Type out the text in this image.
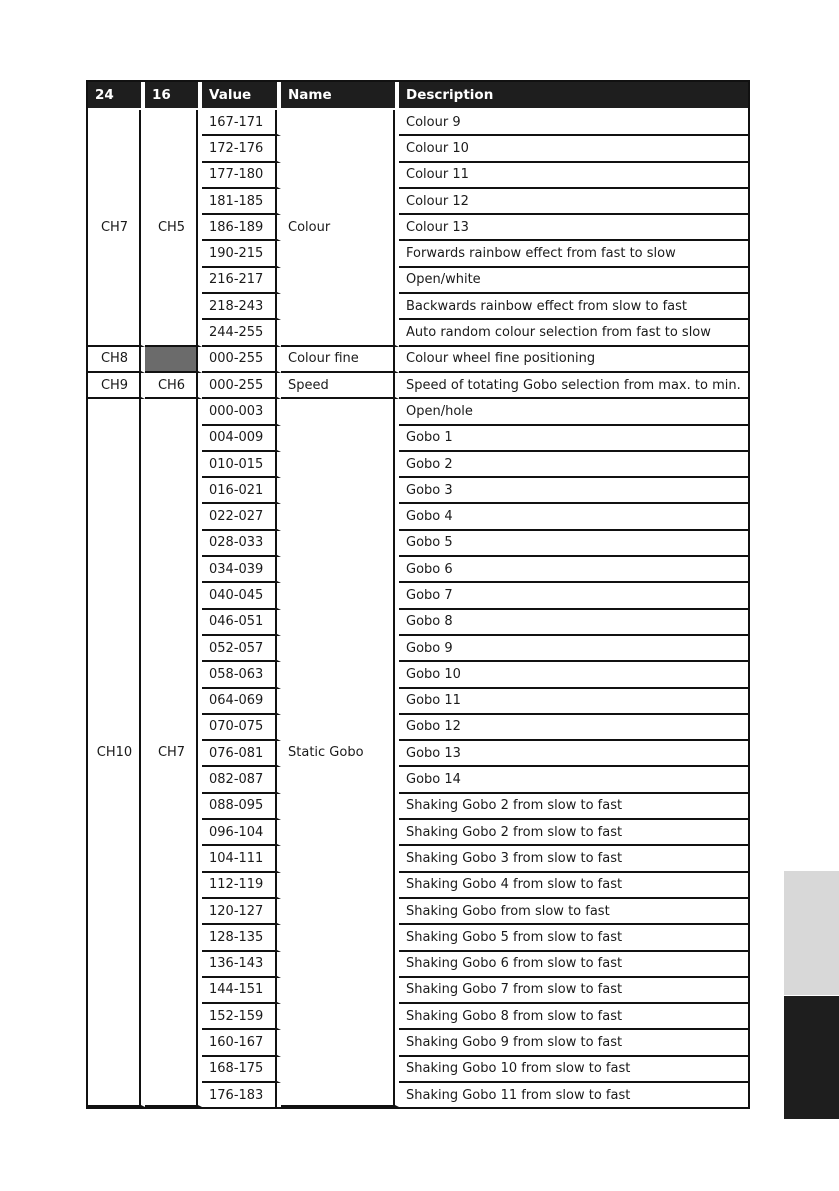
24	16	Value	Name	Description
CH7	CH5	167-171	Colour	Colour 9
		172-176		Colour 10
		177-180		Colour 11
		181-185		Colour 12
		186-189		Colour 13
		190-215		Forwards rainbow effect from fast to slow
		216-217		Open/white
		218-243		Backwards rainbow effect from slow to fast
		244-255		Auto random colour selection from fast to slow
CH8		000-255	Colour fine	Colour wheel fine positioning
CH9	CH6	000-255	Speed	Speed of totating Gobo selection from max. to min.
CH10	CH7	000-003	Static Gobo	Open/hole
		004-009		Gobo 1
		010-015		Gobo 2
		016-021		Gobo 3
		022-027		Gobo 4
		028-033		Gobo 5
		034-039		Gobo 6
		040-045		Gobo 7
		046-051		Gobo 8
		052-057		Gobo 9
		058-063		Gobo 10
		064-069		Gobo 11
		070-075		Gobo 12
		076-081		Gobo 13
		082-087		Gobo 14
		088-095		Shaking Gobo 2 from slow to fast
		096-104		Shaking Gobo 2 from slow to fast
		104-111		Shaking Gobo 3 from slow to fast
		112-119		Shaking Gobo 4 from slow to fast
		120-127		Shaking Gobo from slow to fast
		128-135		Shaking Gobo 5 from slow to fast
		136-143		Shaking Gobo 6 from slow to fast
		144-151		Shaking Gobo 7 from slow to fast
		152-159		Shaking Gobo 8 from slow to fast
		160-167		Shaking Gobo 9 from slow to fast
		168-175		Shaking Gobo 10 from slow to fast
		176-183		Shaking Gobo 11 from slow to fast
